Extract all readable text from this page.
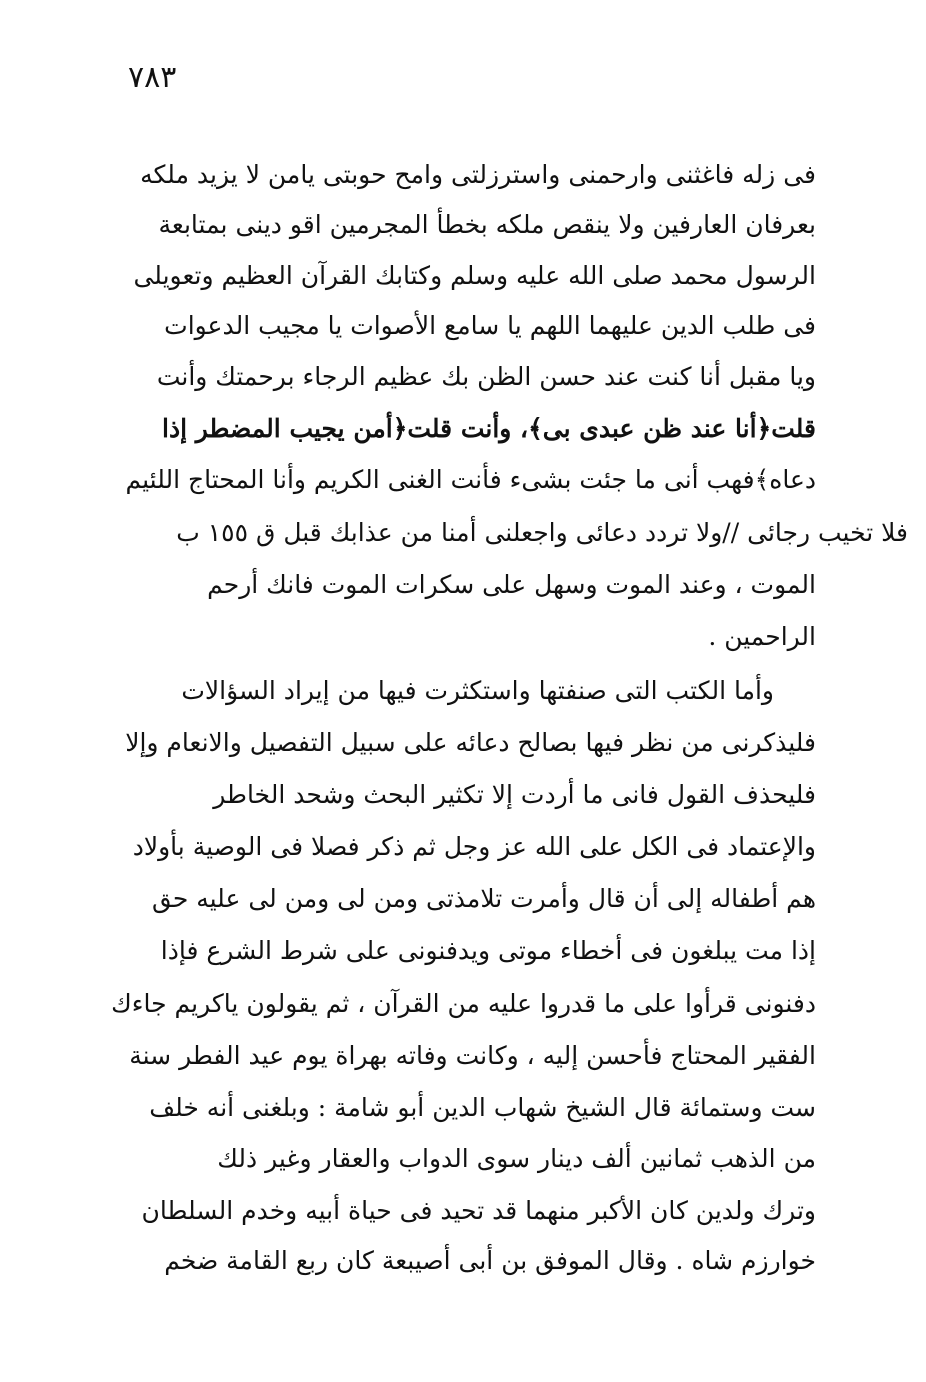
٧٨٣
فى زله فاغثنى وارحمنى واسترزلتى وامح حوبتى يامن لا يزيد ملكه
بعرفان العارفين ولا ينقص ملكه بخطأ المجرمين اقو دينى بمتابعة
الرسول محمد صلى الله عليه وسلم وكتابك القرآن العظيم وتعويلى
فى طلب الدين عليهما اللهم يا سامع الأصوات يا مجيب الدعوات
ويا مقبل أنا كنت عند حسن الظن بك عظيم الرجاء برحمتك وأنت
قلت﴿أنا عند ظن عبدى بى﴾، وأنت قلت﴿أمن يجيب المضطر إذا
دعاه﴾فهب أنى ما جئت بشىء فأنت الغنى الكريم وأنا المحتاج اللئيم
فلا تخيب رجائى //ولا تردد دعائى واجعلنى أمنا من عذابك قبل ق ١٥٥ ب
الموت ، وعند الموت وسهل على سكرات الموت فانك أرحم
الراحمين .
وأما الكتب التى صنفتها واستكثرت فيها من إيراد السؤالات
فليذكرنى من نظر فيها بصالح دعائه على سبيل التفصيل والانعام وإلا
فليحذف القول فانى ما أردت إلا تكثير البحث وشحد الخاطر
والإعتماد فى الكل على الله عز وجل ثم ذكر فصلا فى الوصية بأولاد
هم أطفاله إلى أن قال وأمرت تلامذتى ومن لى ومن لى عليه حق
إذا مت يبلغون فى أخطاء موتى ويدفنونى على شرط الشرع فإذا
دفنونى قرأوا على ما قدروا عليه من القرآن ، ثم يقولون ياكريم جاءك
الفقير المحتاج فأحسن إليه ، وكانت وفاته بهراة يوم عيد الفطر سنة
ست وستمائة قال الشيخ شهاب الدين أبو شامة : وبلغنى أنه خلف
من الذهب ثمانين ألف دينار سوى الدواب والعقار وغير ذلك
وترك ولدين كان الأكبر منهما قد تحيد فى حياة أبيه وخدم السلطان
خوارزم شاه . وقال الموفق بن أبى أصيبعة كان ربع القامة ضخم
